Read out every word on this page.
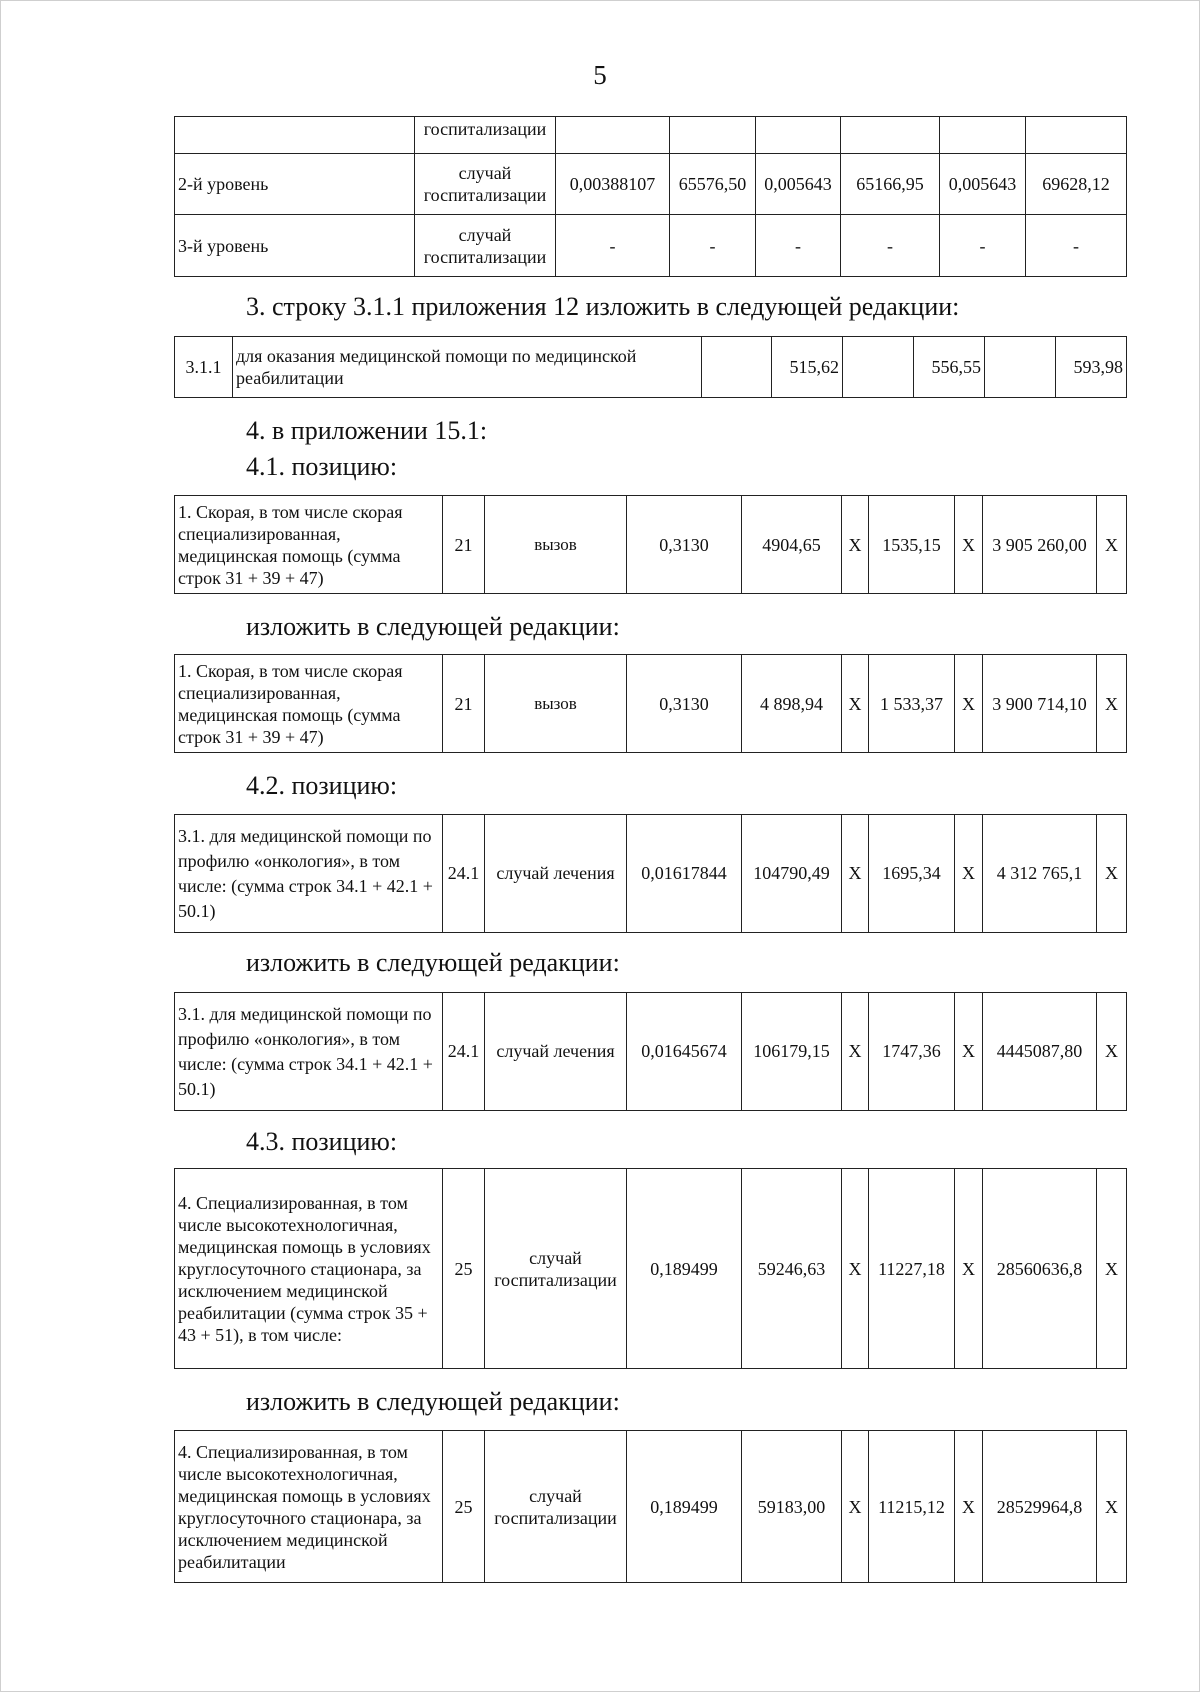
5
	госпитализации						
2-й уровень	случай госпитализации	0,00388107	65576,50	0,005643	65166,95	0,005643	69628,12
3-й уровень	случай госпитализации	-	-	-	-	-	-
3. строку 3.1.1 приложения 12 изложить в следующей редакции:
3.1.1	для оказания медицинской помощи по медицинской реабилитации		515,62		556,55		593,98
4. в приложении 15.1:
4.1. позицию:
1. Скорая, в том числе скорая специализированная, медицинская помощь (сумма строк 31 + 39 + 47)	21	вызов	0,3130	4904,65	X	1535,15	X	3 905 260,00	X
изложить в следующей редакции:
1. Скорая, в том числе скорая специализированная, медицинская помощь (сумма строк 31 + 39 + 47)	21	вызов	0,3130	4 898,94	X	1 533,37	X	3 900 714,10	X
4.2. позицию:
3.1. для медицинской помощи по профилю «онкология», в том числе: (сумма строк 34.1 + 42.1 + 50.1)	24.1	случай лечения	0,01617844	104790,49	X	1695,34	X	4 312 765,1	X
изложить в следующей редакции:
3.1. для медицинской помощи по профилю «онкология», в том числе: (сумма строк 34.1 + 42.1 + 50.1)	24.1	случай лечения	0,01645674	106179,15	X	1747,36	X	4445087,80	X
4.3. позицию:
4. Специализированная, в том числе высокотехнологичная, медицинская помощь в условиях круглосуточного стационара, за исключением медицинской реабилитации (сумма строк 35 + 43 + 51), в том числе:	25	случай госпитализации	0,189499	59246,63	X	11227,18	X	28560636,8	X
изложить в следующей редакции:
4. Специализированная, в том числе высокотехнологичная, медицинская помощь в условиях круглосуточного стационара, за исключением медицинской реабилитации	25	случай госпитализации	0,189499	59183,00	X	11215,12	X	28529964,8	X
